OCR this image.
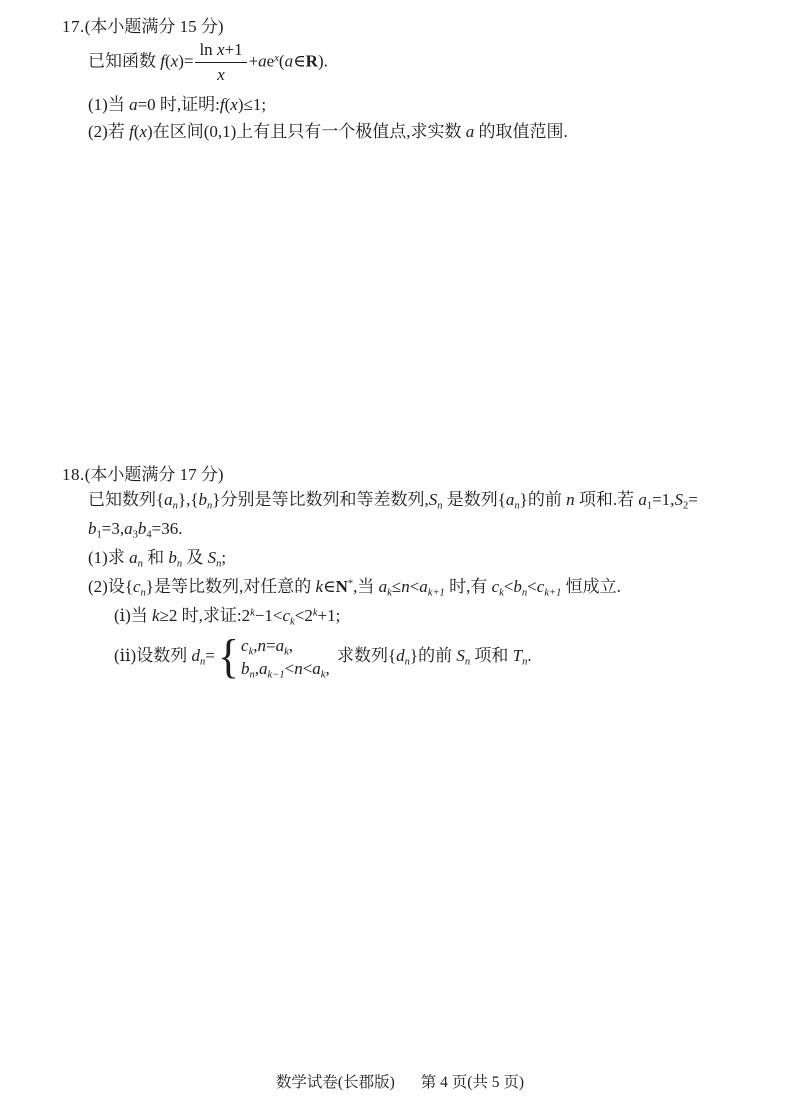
17.(本小题满分 15 分)
已知函数 $f(x)= \frac{\text{ln x+1}}{x}$ $+ae^x(a\in R)$.
(1)当 a=0 时,证明:f(x)≤1;
(2)若 f(x)在区间(0,1)上有且只有一个极值点,求实数 a 的取值范围.
18.(本小题满分 17 分)
已知数列$\{a_n\},\{b_n\}$分别是等比数列和等差数列$,S_n$ 是数列$\{a_n\}$的前 n 项和.若 $a_1=1,S_2=$
$b_1=3,a_3b_4=36$.
(1)求 $a_n$ 和 $b_n$ 及 $S_n$;
(2)设$\{c_n\}$是等比数列,对任意的 k∈N*,当 $a_k\le n<a_{k+1}$ 时,有 $c_k<b_n<c_{k+1}$ 恒成立.
(ⅰ)当 k≥2 时,求证$:2^k-1<c_k<2^k+1$;
(ⅱ)设数列 $d_n=${ $c_k,n=a_k$,
$b_n,a_{k-1}<n<a_k$,
求数列$\{d_n\}$的前 $S_n$ 项和 $T_n$.
数学试卷(长郡版) 第 4 页(共 5 页)
